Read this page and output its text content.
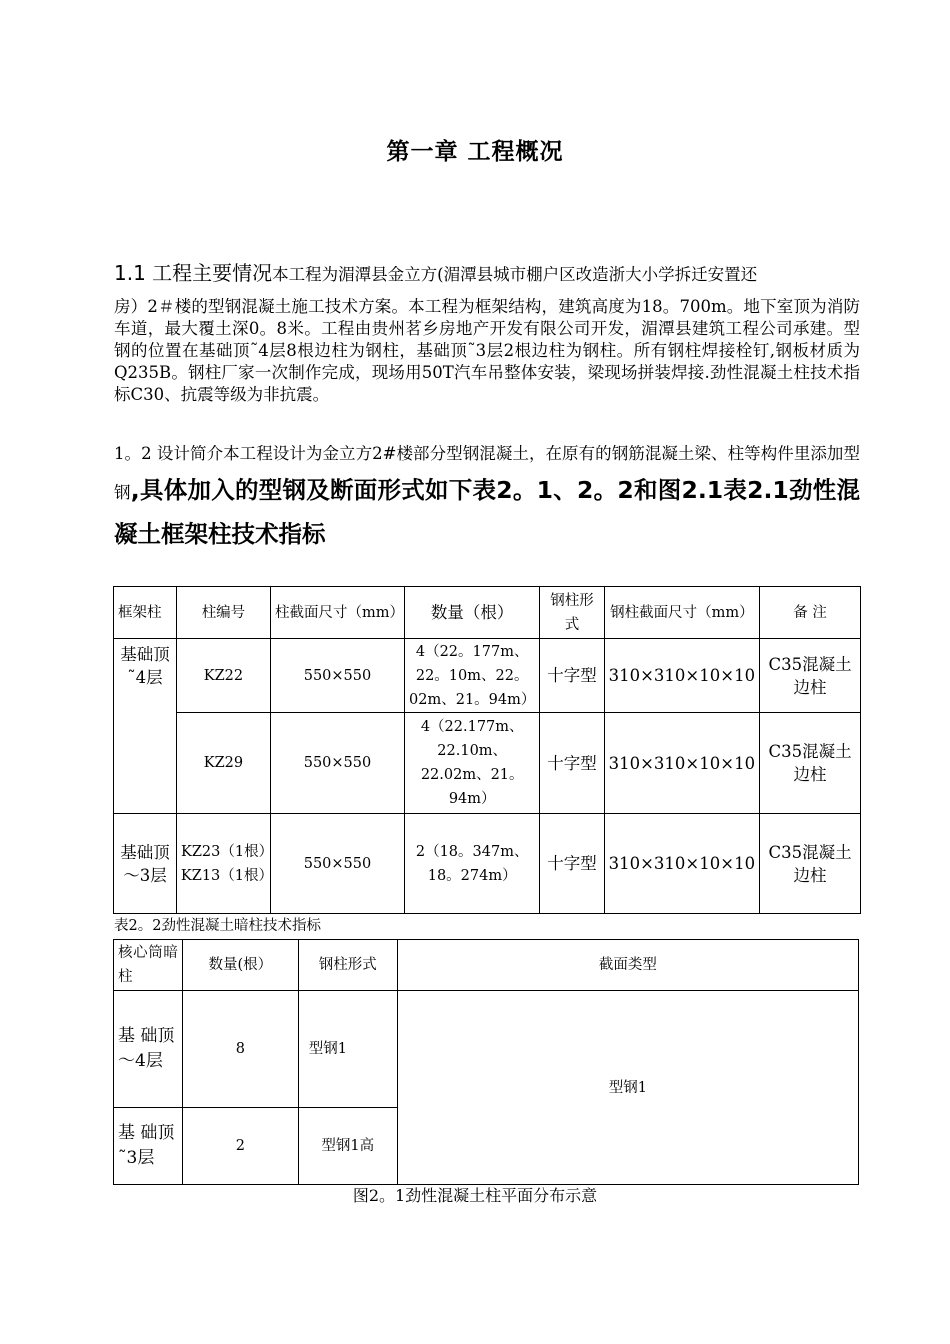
第一章 工程概况
1.1 工程主要情况本工程为湄潭县金立方(湄潭县城市棚户区改造浙大小学拆迁安置还
房）2＃楼的型钢混凝土施工技术方案。本工程为框架结构，建筑高度为18。700m。地下室顶为消防车道，最大覆土深0。8米。工程由贵州茗乡房地产开发有限公司开发，湄潭县建筑工程公司承建。型钢的位置在基础顶˜4层8根边柱为钢柱，基础顶˜3层2根边柱为钢柱。所有钢柱焊接栓钉,钢板材质为Q235B。钢柱厂家一次制作完成，现场用50T汽车吊整体安装，梁现场拼装焊接.劲性混凝土柱技术指标C30、抗震等级为非抗震。
1。2 设计简介本工程设计为金立方2#楼部分型钢混凝土，在原有的钢筋混凝土梁、柱等构件里添加型钢,具体加入的型钢及断面形式如下表2。1、2。2和图2.1表2.1劲性混凝土框架柱技术指标
框架柱	柱编号	柱截面尺寸（mm）	数量（根）	钢柱形式	钢柱截面尺寸（mm）	备 注
基础顶˜4层	KZ22	550×550	4（22。177m、22。10m、22。02m、21。94m）	十字型	310×310×10×10	C35混凝土边柱
	KZ29	550×550	4（22.177m、22.10m、22.02m、21。94m）	十字型	310×310×10×10	C35混凝土边柱
基础顶～3层	KZ23（1根）KZ13（1根）	550×550	2（18。347m、18。274m）	十字型	310×310×10×10	C35混凝土边柱
表2。2劲性混凝土暗柱技术指标
核心筒暗 柱	数量(根）	钢柱形式	截面类型
基 础顶～4层	8	型钢1	型钢1
基 础顶 ˜3层	2	型钢1高	
图2。1劲性混凝土柱平面分布示意
